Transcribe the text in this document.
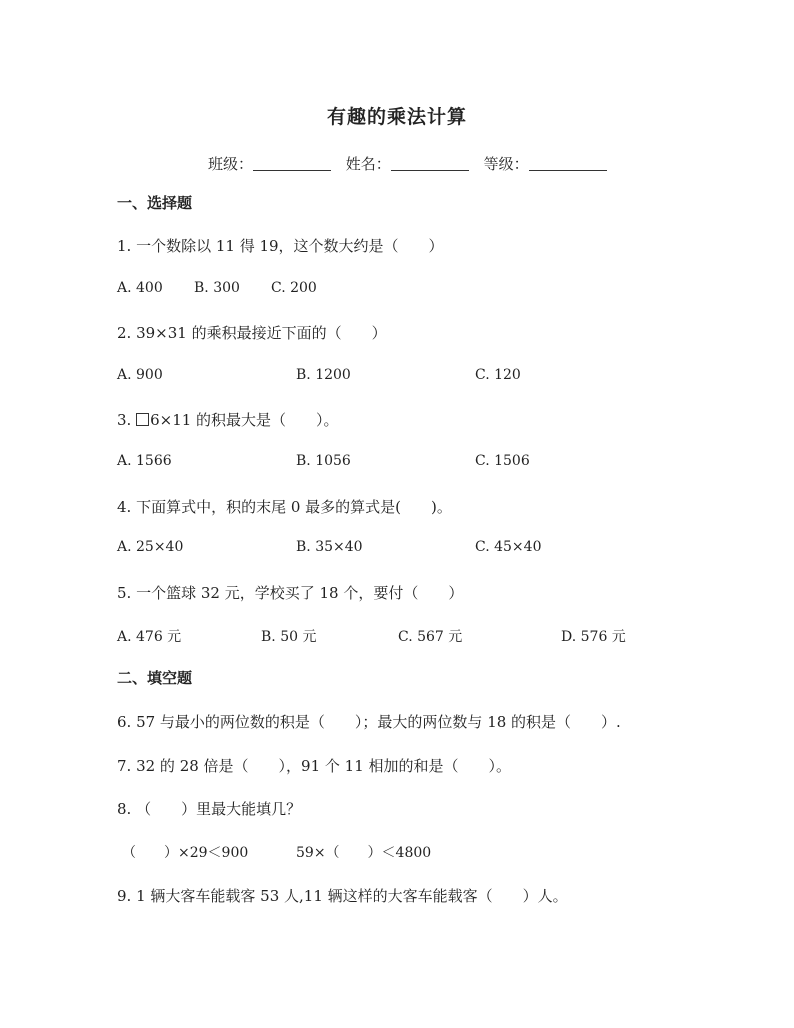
有趣的乘法计算
班级：	姓名：	等级：
一、选择题
1. 一个数除以 11 得 19，这个数大约是（　　）
A. 400 B. 300 C. 200
2. 39×31 的乘积最接近下面的（　　）
A. 900	B. 1200	C. 120
3. 6×11 的积最大是（　　）。
A. 1566	B. 1056	C. 1506
4. 下面算式中，积的末尾 0 最多的算式是(　　)。
A. 25×40	B. 35×40	C. 45×40
5. 一个篮球 32 元，学校买了 18 个，要付（　　）
A. 476 元	B. 50 元	C. 567 元	D. 576 元
二、填空题
6. 57 与最小的两位数的积是（　　）；最大的两位数与 18 的积是（　　）.
7. 32 的 28 倍是（　　），91 个 11 相加的和是（　　）。
8. （　　）里最大能填几？
（　　）×29＜900	59×（　　）＜4800
9. 1 辆大客车能载客 53 人,11 辆这样的大客车能载客（　　）人。
